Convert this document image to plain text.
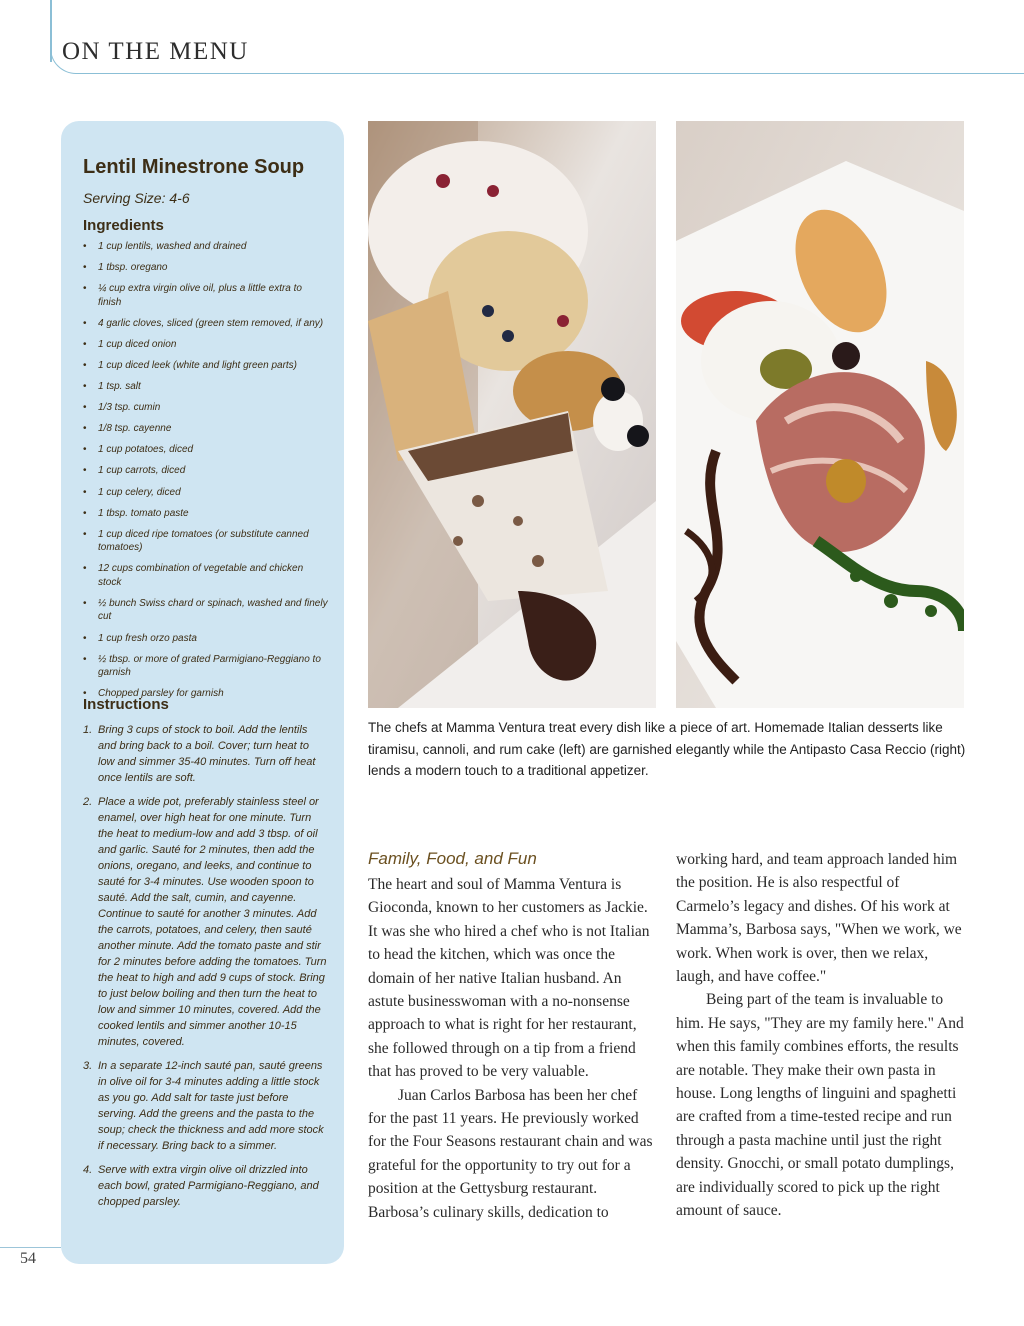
ON THE MENU
Lentil Minestrone Soup
Serving Size: 4-6
Ingredients
• 1 cup lentils, washed and drained
• 1 tbsp. oregano
• ¼ cup extra virgin olive oil, plus a little extra to finish
• 4 garlic cloves, sliced (green stem removed, if any)
• 1 cup diced onion
• 1 cup diced leek (white and light green parts)
• 1 tsp. salt
• 1/3 tsp. cumin
• 1/8 tsp. cayenne
• 1 cup potatoes, diced
• 1 cup carrots, diced
• 1 cup celery, diced
• 1 tbsp. tomato paste
• 1 cup diced ripe tomatoes (or substitute canned tomatoes)
• 12 cups combination of vegetable and chicken stock
• ½ bunch Swiss chard or spinach, washed and finely cut
• 1 cup fresh orzo pasta
• ½ tbsp. or more of grated Parmigiano-Reggiano to garnish
• Chopped parsley for garnish
Instructions
1. Bring 3 cups of stock to boil. Add the lentils and bring back to a boil. Cover; turn heat to low and simmer 35-40 minutes. Turn off heat once lentils are soft.
2. Place a wide pot, preferably stainless steel or enamel, over high heat for one minute. Turn the heat to medium-low and add 3 tbsp. of oil and garlic. Sauté for 2 minutes, then add the onions, oregano, and leeks, and continue to sauté for 3-4 minutes. Use wooden spoon to sauté. Add the salt, cumin, and cayenne. Continue to sauté for another 3 minutes. Add the carrots, potatoes, and celery, then sauté another minute. Add the tomato paste and stir for 2 minutes before adding the tomatoes. Turn the heat to high and add 9 cups of stock. Bring to just below boiling and then turn the heat to low and simmer 10 minutes, covered. Add the cooked lentils and simmer another 10-15 minutes, covered.
3. In a separate 12-inch sauté pan, sauté greens in olive oil for 3-4 minutes adding a little stock as you go. Add salt for taste just before serving. Add the greens and the pasta to the soup; check the thickness and add more stock if necessary. Bring back to a simmer.
4. Serve with extra virgin olive oil drizzled into each bowl, grated Parmigiano-Reggiano, and chopped parsley.
54
The chefs at Mamma Ventura treat every dish like a piece of art. Homemade Italian desserts like tiramisu, cannoli, and rum cake (left) are garnished elegantly while the Antipasto Casa Reccio (right) lends a modern touch to a traditional appetizer.
Family, Food, and Fun

The heart and soul of Mamma Ventura is Gioconda, known to her customers as Jackie. It was she who hired a chef who is not Italian to head the kitchen, which was once the domain of her native Italian husband. An astute businesswoman with a no-nonsense approach to what is right for her restaurant, she followed through on a tip from a friend that has proved to be very valuable.

Juan Carlos Barbosa has been her chef for the past 11 years. He previously worked for the Four Seasons restaurant chain and was grateful for the opportunity to try out for a position at the Gettysburg restaurant. Barbosa’s culinary skills, dedication to

working hard, and team approach landed him the position. He is also respectful of Carmelo’s legacy and dishes. Of his work at Mamma’s, Barbosa says, "When we work, we work. When work is over, then we relax, laugh, and have coffee."

Being part of the team is invaluable to him. He says, "They are my family here." And when this family combines efforts, the results are notable. They make their own pasta in house. Long lengths of linguini and spaghetti are crafted from a time-tested recipe and run through a pasta machine until just the right density. Gnocchi, or small potato dumplings, are individually scored to pick up the right amount of sauce.
